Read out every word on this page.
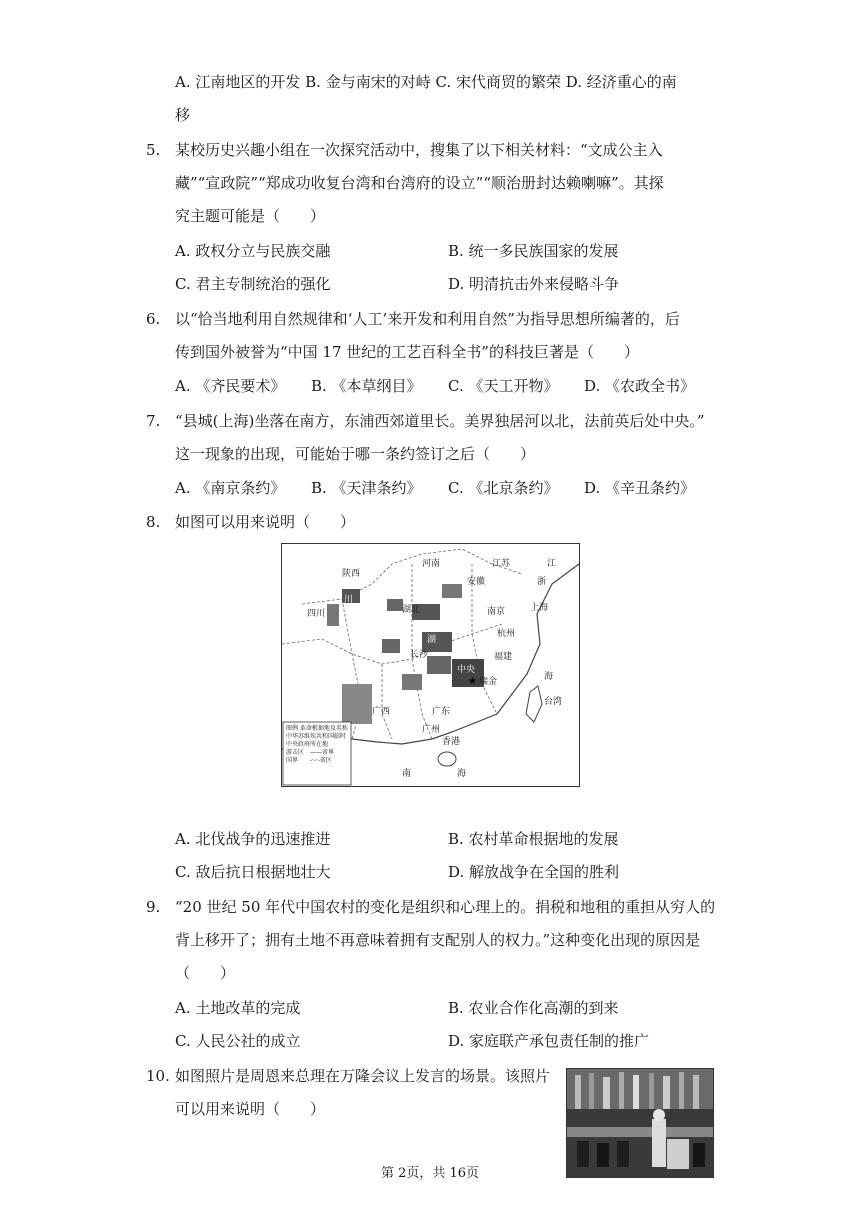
A. 江南地区的开发 B. 金与南宋的对峙 C. 宋代商贸的繁荣 D. 经济重心的南
移
5. 某校历史兴趣小组在一次探究活动中，搜集了以下相关材料：“文成公主入
藏”“宣政院”“郑成功收复台湾和台湾府的设立”“顺治册封达赖喇嘛”。其探
究主题可能是（　　）
A. 政权分立与民族交融	B. 统一多民族国家的发展
C. 君主专制统治的强化	D. 明清抗击外来侵略斗争
6. 以“恰当地利用自然规律和‘人工’来开发和利用自然”为指导思想所编著的，后
传到国外被誉为“中国 17 世纪的工艺百科全书”的科技巨著是（　　）
A. 《齐民要术》 B. 《本草纲目》 C. 《天工开物》 D. 《农政全书》
7. “县城(上海)坐落在南方，东浦西郊道里长。美界独居河以北，法前英后处中央。”
这一现象的出现，可能始于哪一条约签订之后（　　）
A. 《南京条约》 B. 《天津条约》 C. 《北京条约》 D. 《辛丑条约》
8. 如图可以用来说明（　　）
★
陕西
河南
安徽
江苏
浙
江
上海
四川	湖北	南京
杭州
川
长沙
湖
中央
瑞金
福建
广西	广东
海
台湾
广州
香港
南	海
图例 革命根据地及名称
中华苏维埃共和国临时
中央政府所在地
游击区　——省界
国界　　-·-·-省区
A. 北伐战争的迅速推进	B. 农村革命根据地的发展
C. 敌后抗日根据地壮大	D. 解放战争在全国的胜利
9. “20 世纪 50 年代中国农村的变化是组织和心理上的。捐税和地租的重担从穷人的
背上移开了；拥有土地不再意味着拥有支配别人的权力。”这种变化出现的原因是
（　　）
A. 土地改革的完成	B. 农业合作化高潮的到来
C. 人民公社的成立	D. 家庭联产承包责任制的推广
10. 如图照片是周恩来总理在万隆会议上发言的场景。该照片
可以用来说明（　　）
第 2页，共 16页
